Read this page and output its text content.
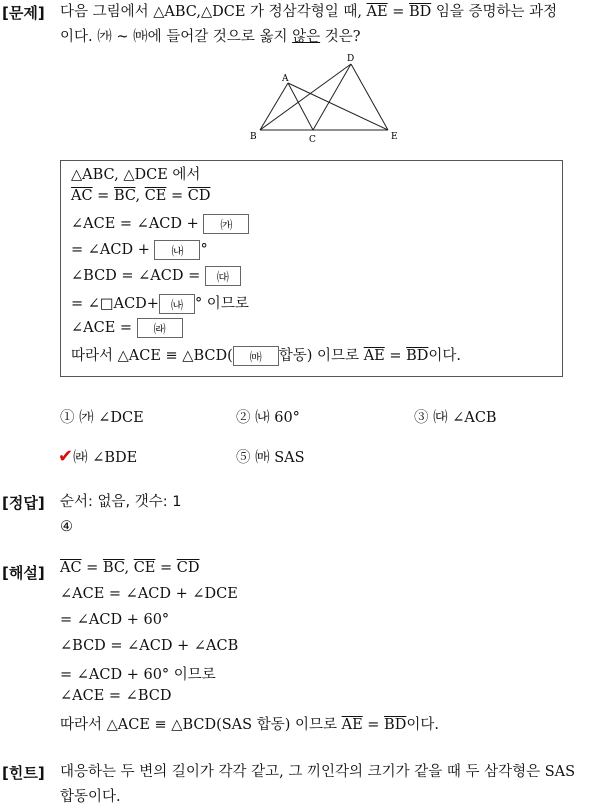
[문제] 다음 그림에서 △ABC,△DCE 가 정삼각형일 때, $\overline{AE} = \overline{BD}$ 임을 증명하는 과정
이다. ㈎ ~ ㈒에 들어갈 것으로 옳지 않은 것은?
A
B	C
D
E
△ABC, △DCE 에서
$\overline{AC} = \overline{BC}$, $\overline{CE} = \overline{CD}$
∠ACE = ∠ACD + ㈎
= ∠ACD + ㈏ °
∠BCD = ∠ACD = ㈐
= ∠□ACD+ ㈏ ° 이므로
∠ACE = ㈑
따라서 △ACE ≡ △BCD( ㈒ 합동) 이므로 $\overline{AE} = \overline{BD}$이다.
① ㈎ ∠DCE	② ㈏ 60°	③ ㈐ ∠ACB
✔㈑ ∠BDE	⑤ ㈒ SAS
[정답] 순서: 없음, 갯수: 1
④
[해설] $\overline{AC} = \overline{BC}$, $\overline{CE} = \overline{CD}$
∠ACE = ∠ACD + ∠DCE
= ∠ACD + 60°
∠BCD = ∠ACD + ∠ACB
= ∠ACD + 60° 이므로
∠ACE = ∠BCD
따라서 △ACE ≡ △BCD(SAS 합동) 이므로 $\overline{AE} = \overline{BD}$이다.
[힌트] 대응하는 두 변의 길이가 각각 같고, 그 끼인각의 크기가 같을 때 두 삼각형은 SAS
합동이다.
